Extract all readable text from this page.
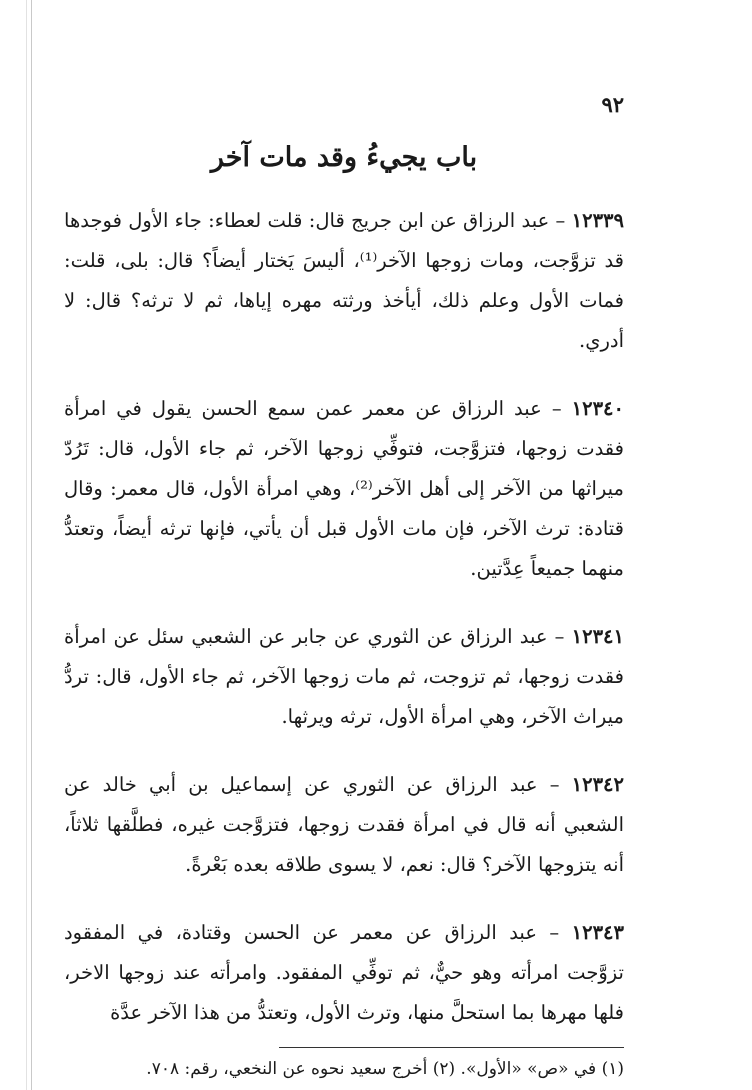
٩٢
باب يجيءُ وقد مات آخر

١٢٣٣٩ – عبد الرزاق عن ابن جريج قال: قلت لعطاء: جاء الأول فوجدها قد تزوَّجت، ومات زوجها الآخر⁽¹⁾، أليسَ يَختار أيضاً؟ قال: بلى، قلت: فمات الأول وعلم ذلك، أيأخذ ورثته مهره إياها، ثم لا ترثه؟ قال: لا أدري.

١٢٣٤٠ – عبد الرزاق عن معمر عمن سمع الحسن يقول في امرأة فقدت زوجها، فتزوَّجت، فتوفِّي زوجها الآخر، ثم جاء الأول، قال: تَرُدّ ميراثها من الآخر إلى أهل الآخر⁽²⁾، وهي امرأة الأول، قال معمر: وقال قتادة: ترث الآخر، فإن مات الأول قبل أن يأتي، فإنها ترثه أيضاً، وتعتدُّ منهما جميعاً عِدَّتين.

١٢٣٤١ – عبد الرزاق عن الثوري عن جابر عن الشعبي سئل عن امرأة فقدت زوجها، ثم تزوجت، ثم مات زوجها الآخر، ثم جاء الأول، قال: تردُّ ميراث الآخر، وهي امرأة الأول، ترثه ويرثها.

١٢٣٤٢ – عبد الرزاق عن الثوري عن إسماعيل بن أبي خالد عن الشعبي أنه قال في امرأة فقدت زوجها، فتزوَّجت غيره، فطلَّقها ثلاثاً، أنه يتزوجها الآخر؟ قال: نعم، لا يسوى طلاقه بعده بَعْرةً.

١٢٣٤٣ – عبد الرزاق عن معمر عن الحسن وقتادة، في المفقود تزوَّجت امرأته وهو حيٌّ، ثم توفِّي المفقود. وامرأته عند زوجها الاخر، فلها مهرها بما استحلَّ منها، وترث الأول، وتعتدُّ من هذا الآخر عدَّة

(١) في «ص» «الأول». (٢) أخرج سعيد نحوه عن النخعي، رقم: ٧٠٨.
